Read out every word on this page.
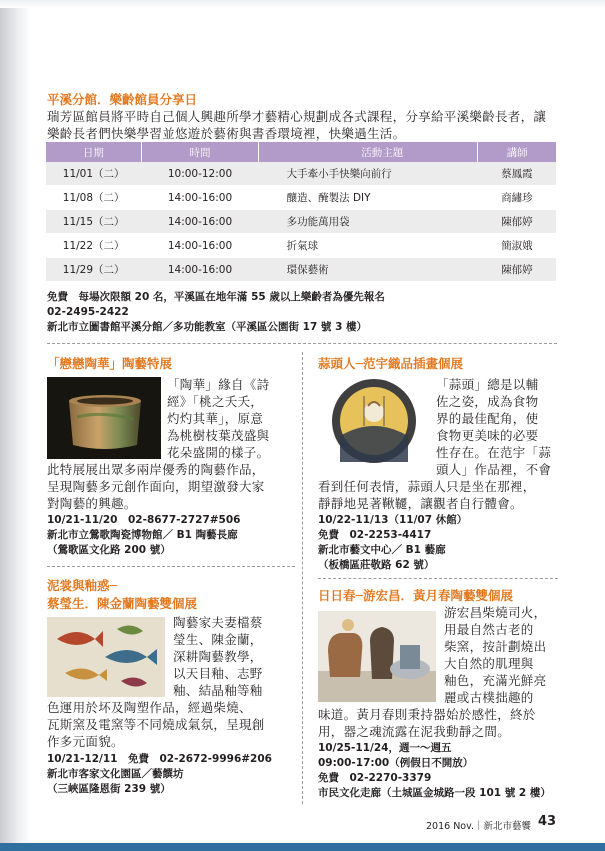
平溪分館．樂齡館員分享日
瑞芳區館員將平時自己個人興趣所學才藝精心規劃成各式課程，分享給平溪樂齡長者，讓樂齡長者們快樂學習並悠遊於藝術與書香環境裡，快樂過生活。
日期	時間	活動主題	講師
11/01（二）	10:00-12:00	大手牽小手快樂向前行	蔡鳳霞
11/08（二）	14:00-16:00	釀造、醃製法 DIY	商繡珍
11/15（二）	14:00-16:00	多功能萬用袋	陳郁婷
11/22（二）	14:00-16:00	折氣球	簡淑娥
11/29（二）	14:00-16:00	環保藝術	陳郁婷
免費　每場次限額 20 名，平溪區在地年滿 55 歲以上樂齡者為優先報名
02-2495-2422
新北市立圖書館平溪分館／多功能教室（平溪區公園街 17 號 3 樓）
「戀戀陶華」陶藝特展
「陶華」緣自《詩
經》「桃之夭夭，
灼灼其華」，原意
為桃樹枝葉茂盛與
花朵盛開的樣子。
此特展展出眾多兩岸優秀的陶藝作品，
呈現陶藝多元創作面向，期望激發大家
對陶藝的興趣。
10/21-11/20　02-8677-2727#506
新北市立鶯歌陶瓷博物館／ B1 陶藝長廊
（鶯歌區文化路 200 號）
蒜頭人─范宇織品插畫個展
「蒜頭」總是以輔
佐之姿，成為食物
界的最佳配角，使
食物更美味的必要
性存在。在范宇「蒜
頭人」作品裡，不會
看到任何表情，蒜頭人只是坐在那裡，
靜靜地晃著鞦韆，讓觀者自行體會。
10/22-11/13（11/07 休館）
免費　02-2253-4417
新北市藝文中心／ B1 藝廊
（板橋區莊敬路 62 號）
泥裳與釉惑─
蔡瑩生．陳金蘭陶藝雙個展
陶藝家夫妻檔蔡
瑩生、陳金蘭，
深耕陶藝教學，
以天目釉、志野
釉、結晶釉等釉
色運用於坏及陶塑作品，經過柴燒、
瓦斯窯及電窯等不同燒成氣氛，呈現創
作多元面貌。
10/21-12/11　免費　02-2672-9996#206
新北市客家文化園區／藝饌坊
（三峽區隆恩街 239 號）
日日春─游宏昌．黃月春陶藝雙個展
游宏昌柴燒司火，
用最自然古老的
柴窯，按計劃燒出
大自然的肌理與
釉色，充滿光鮮亮
麗或古樸拙趣的
味道。黃月春則秉持器始於感性，終於
用，器之魂流露在泥我動靜之間。
10/25-11/24，週一～週五
09:00-17:00（例假日不開放）
免費　02-2270-3379
市民文化走廊（土城區金城路一段 101 號 2 樓）
2016 Nov.｜新北市藝饗 43
